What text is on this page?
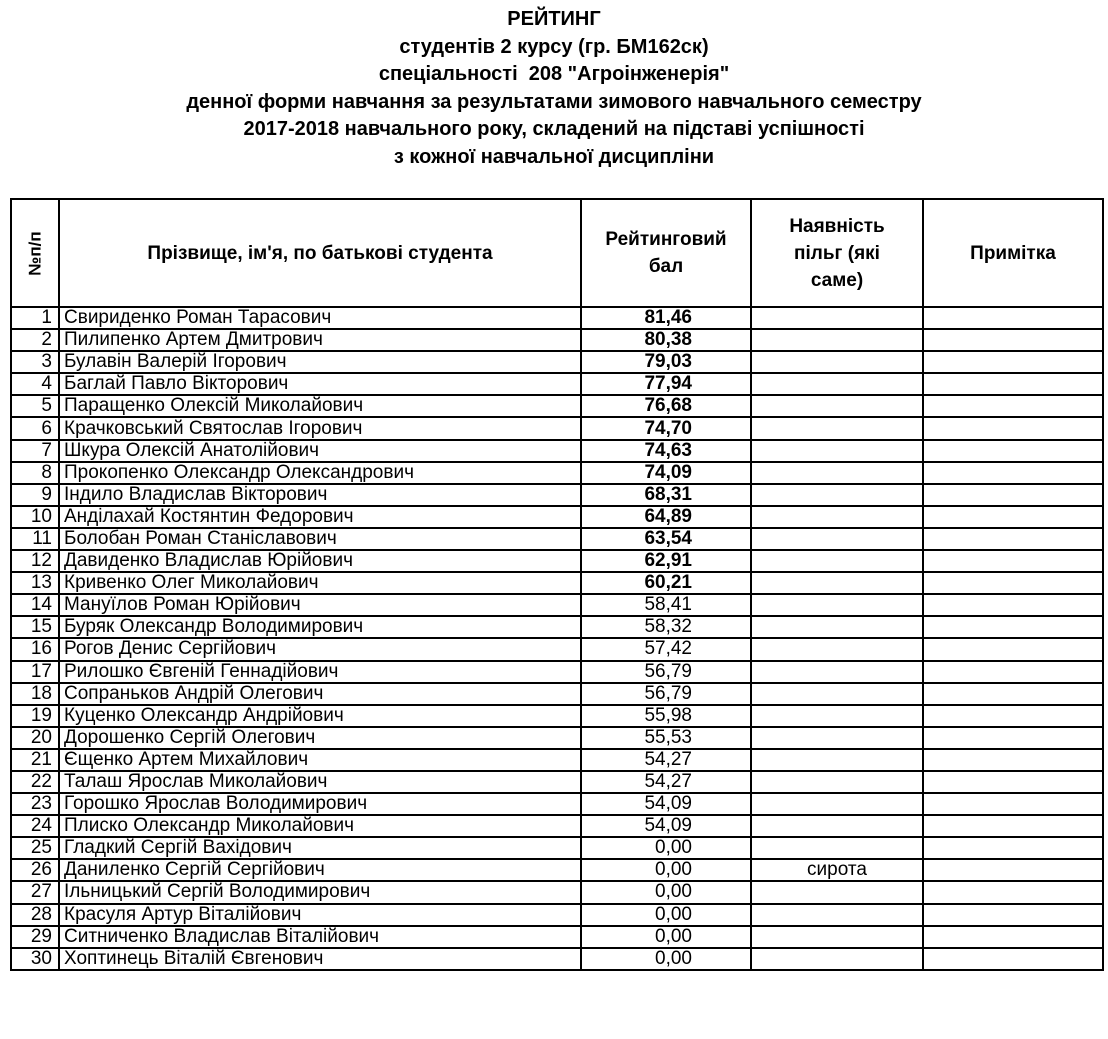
РЕЙТИНГ
студентів 2 курсу (гр. БМ162ск)
спеціальності  208 "Агроінженерія"
денної форми навчання за результатами зимового навчального семестру
2017-2018 навчального року, складений на підставі успішності
з кожної навчальної дисципліни
№п/п	Прізвище, ім'я, по батькові студента	Рейтинговий бал	Наявність пільг (які саме)	Примітка
1	Свириденко Роман Тарасович	81,46		
2	Пилипенко Артем Дмитрович	80,38		
3	Булавін Валерій Ігорович	79,03		
4	Баглай Павло Вікторович	77,94		
5	Паращенко Олексій Миколайович	76,68		
6	Крачковський Святослав Ігорович	74,70		
7	Шкура Олексій Анатолійович	74,63		
8	Прокопенко Олександр Олександрович	74,09		
9	Індило Владислав Вікторович	68,31		
10	Анділахай Костянтин Федорович	64,89		
11	Болобан Роман Станіславович	63,54		
12	Давиденко Владислав Юрійович	62,91		
13	Кривенко Олег Миколайович	60,21		
14	Мануїлов Роман Юрійович	58,41		
15	Буряк Олександр Володимирович	58,32		
16	Рогов Денис Сергійович	57,42		
17	Рилошко Євгеній Геннадійович	56,79		
18	Сопраньков Андрій Олегович	56,79		
19	Куценко Олександр Андрійович	55,98		
20	Дорошенко Сергій Олегович	55,53		
21	Єщенко Артем Михайлович	54,27		
22	Талаш Ярослав Миколайович	54,27		
23	Горошко Ярослав Володимирович	54,09		
24	Плиско Олександр Миколайович	54,09		
25	Гладкий Сергій Вахідович	0,00		
26	Даниленко Сергій Сергійович	0,00	сирота	
27	Ільницький Сергій Володимирович	0,00		
28	Красуля Артур Віталійович	0,00		
29	Ситниченко Владислав Віталійович	0,00		
30	Хоптинець Віталій Євгенович	0,00		
